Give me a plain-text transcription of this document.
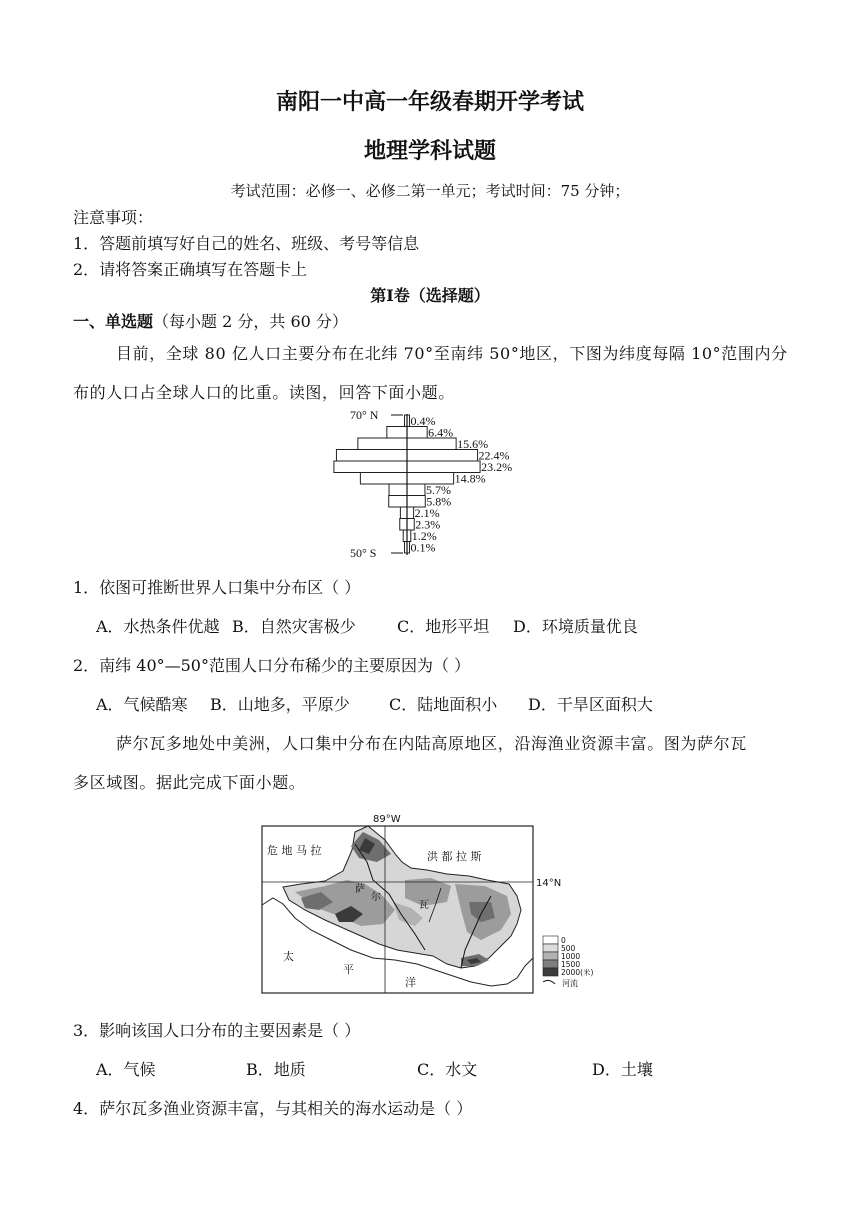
南阳一中高一年级春期开学考试
地理学科试题
考试范围：必修一、必修二第一单元；考试时间：75 分钟；
注意事项：
1．答题前填写好自己的姓名、班级、考号等信息
2．请将答案正确填写在答题卡上
第Ⅰ卷（选择题）
一、单选题（每小题 2 分，共 60 分）
目前，全球 80 亿人口主要分布在北纬 70°至南纬 50°地区，下图为纬度每隔 10°范围内分
布的人口占全球人口的比重。读图，回答下面小题。
0.4%
6.4%
15.6%
22.4%
23.2%
14.8%
5.7%
5.8%
2.1%
2.3%
1.2%
0.1%
70° N
50° S
1．依图可推断世界人口集中分布区（ ）
A．水热条件优越 B．自然灾害极少	C．地形平坦 D．环境质量优良
2．南纬 40°—50°范围人口分布稀少的主要原因为（ ）
A．气候酷寒 B．山地多，平原少 C．陆地面积小 D．干旱区面积大
萨尔瓦多地处中美洲，人口集中分布在内陆高原地区，沿海渔业资源丰富。图为萨尔瓦
多区域图。据此完成下面小题。
89°W
14°N
危 地 马 拉	洪 都 拉 斯
太
平
洋
萨
尔
瓦
0
500
1000
1500
2000(米)
河流
3．影响该国人口分布的主要因素是（ ）
A．气候	B．地质	C．水文	D．土壤
4．萨尔瓦多渔业资源丰富，与其相关的海水运动是（ ）
